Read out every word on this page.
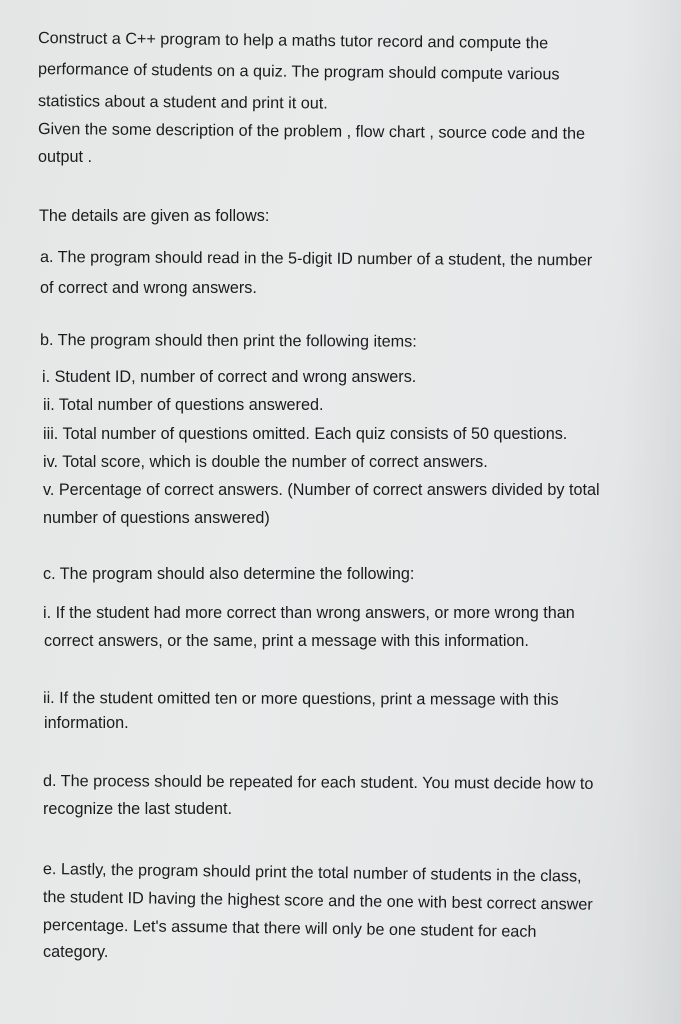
Construct a C++ program to help a maths tutor record and compute the

performance of students on a quiz. The program should compute various

statistics about a student and print it out.

Given the some description of the problem , flow chart , source code and the

output .

The details are given as follows:

a. The program should read in the 5-digit ID number of a student, the number

of correct and wrong answers.

b. The program should then print the following items:

i. Student ID, number of correct and wrong answers.

ii. Total number of questions answered.

iii. Total number of questions omitted. Each quiz consists of 50 questions.

iv. Total score, which is double the number of correct answers.

v. Percentage of correct answers. (Number of correct answers divided by total

number of questions answered)

c. The program should also determine the following:

i. If the student had more correct than wrong answers, or more wrong than

correct answers, or the same, print a message with this information.

ii. If the student omitted ten or more questions, print a message with this

information.

d. The process should be repeated for each student. You must decide how to

recognize the last student.

e. Lastly, the program should print the total number of students in the class,

the student ID having the highest score and the one with best correct answer

percentage. Let's assume that there will only be one student for each

category.
